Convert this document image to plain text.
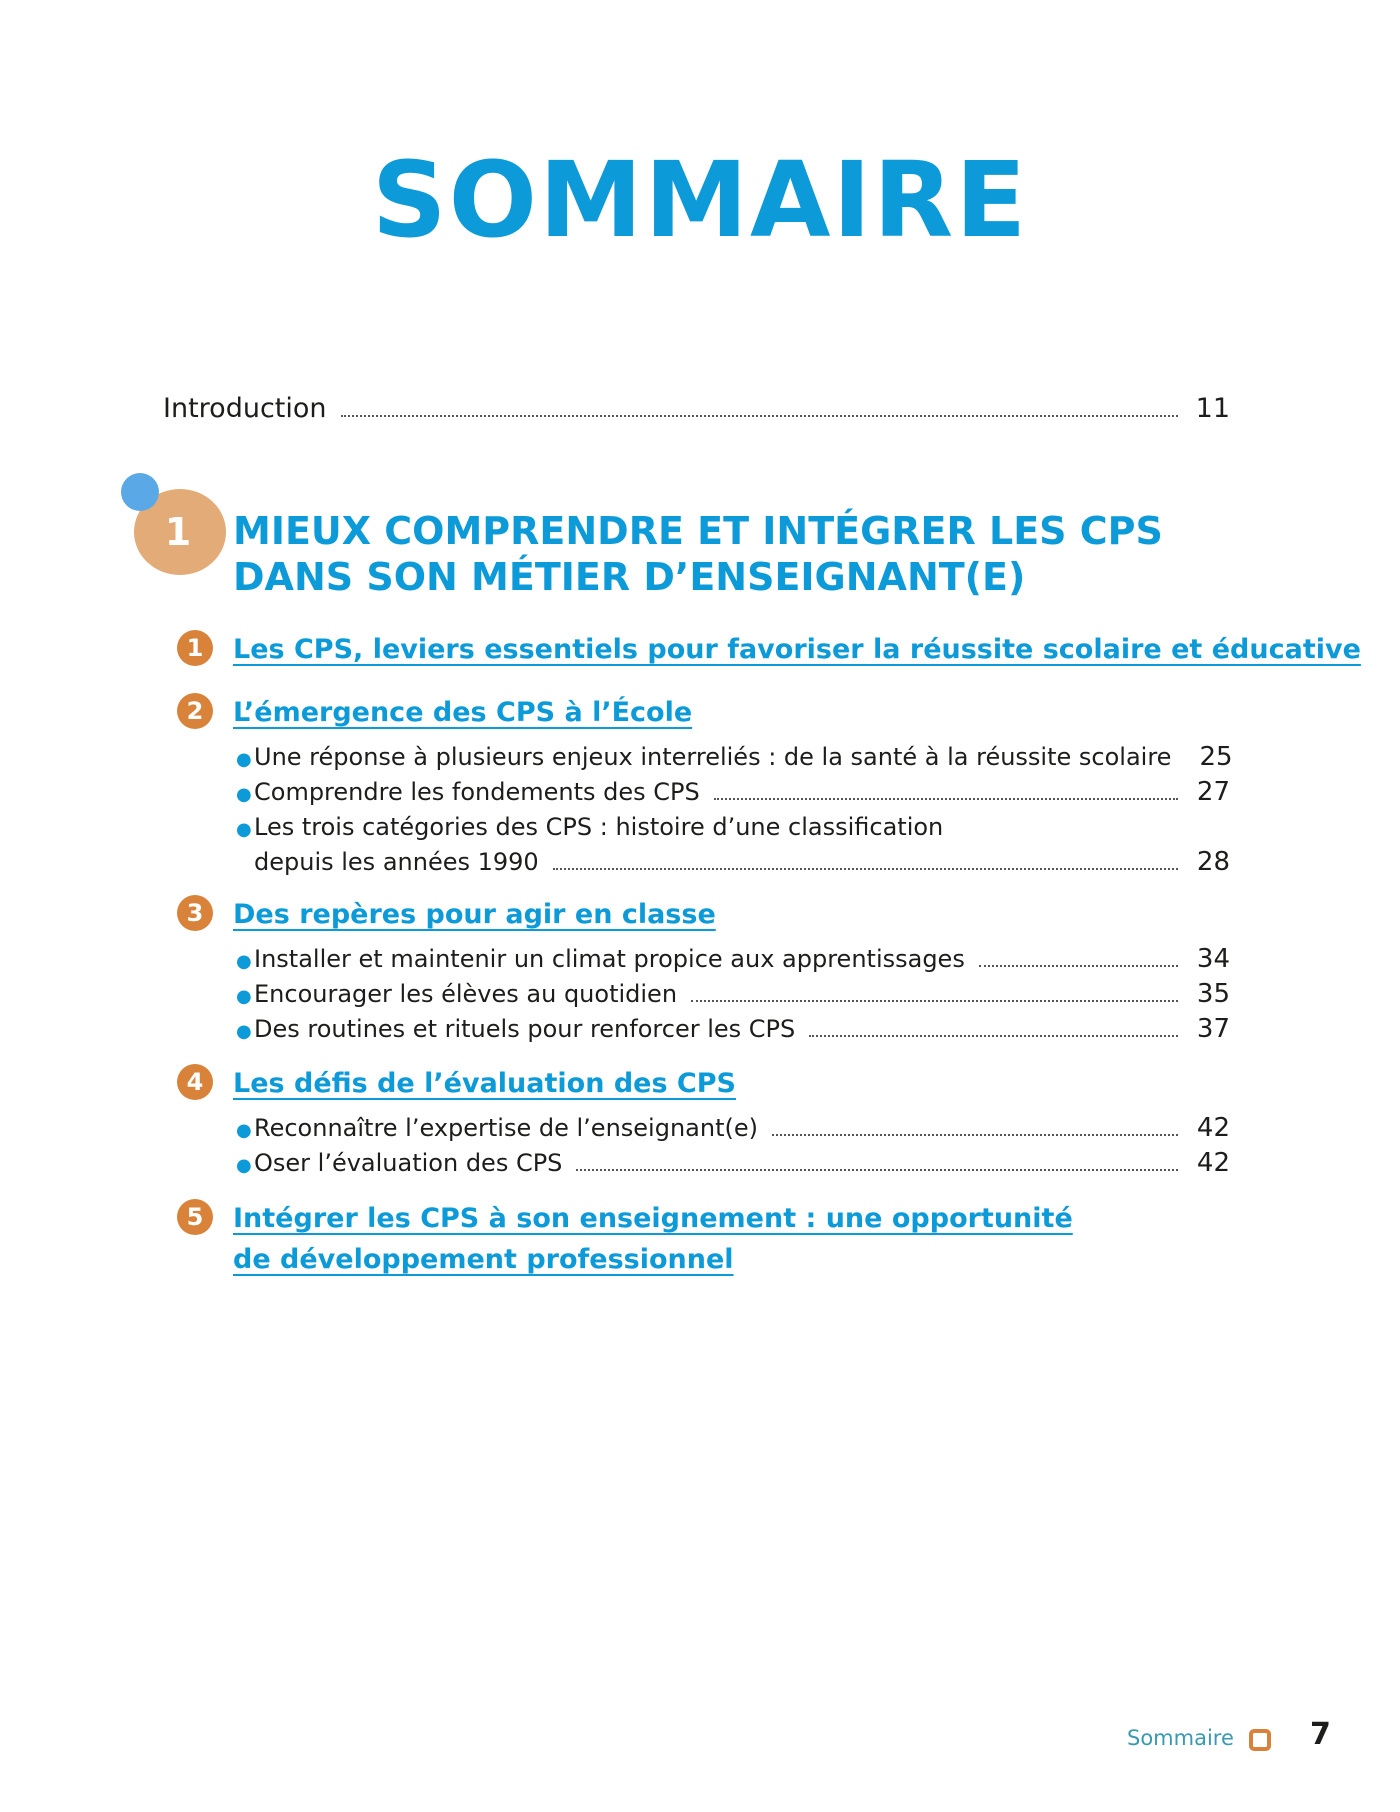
SOMMAIRE
Introduction	11
1 MIEUX COMPRENDRE ET INTÉGRER LES CPS
DANS SON MÉTIER D’ENSEIGNANT(E)
1	Les CPS, leviers essentiels pour favoriser la réussite scolaire et éducative
2	L’émergence des CPS à l’École
● Une réponse à plusieurs enjeux interreliés : de la santé à la réussite scolaire 25
● Comprendre les fondements des CPS	27
● Les trois catégories des CPS : histoire d’une classification
depuis les années 1990	28
3	Des repères pour agir en classe
● Installer et maintenir un climat propice aux apprentissages	34
● Encourager les élèves au quotidien	35
● Des routines et rituels pour renforcer les CPS	37
4	Les défis de l’évaluation des CPS
● Reconnaître l’expertise de l’enseignant(e)	42
● Oser l’évaluation des CPS	42
5	Intégrer les CPS à son enseignement : une opportunité
de développement professionnel
Sommaire	7
